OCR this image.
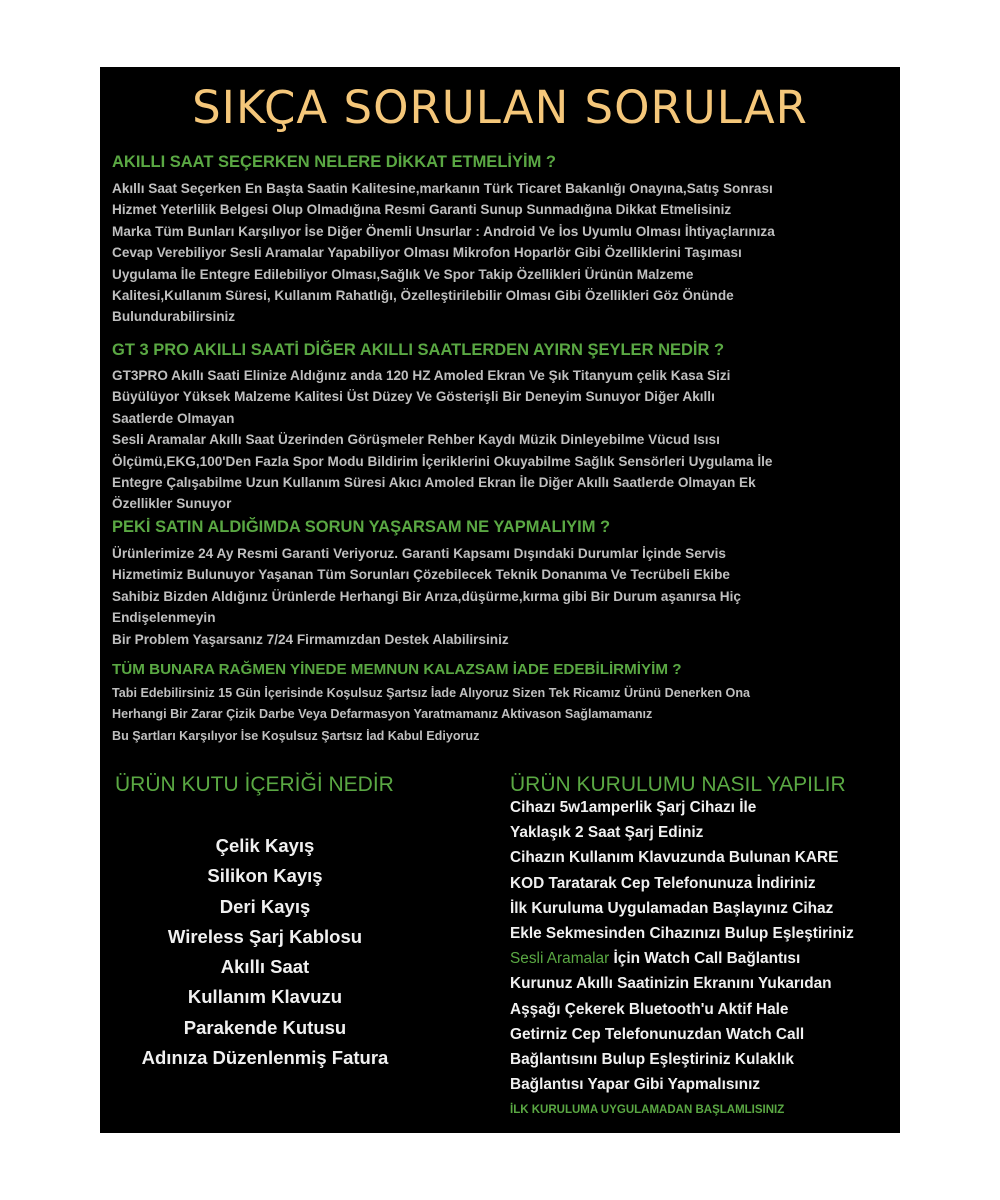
SIKÇA SORULAN SORULAR
AKILLI SAAT SEÇERKEN NELERE DİKKAT ETMELİYİM ?

Akıllı Saat Seçerken En Başta Saatin Kalitesine,markanın Türk Ticaret Bakanlığı Onayına,Satış Sonrası

Hizmet Yeterlilik Belgesi Olup Olmadığına Resmi Garanti Sunup Sunmadığına Dikkat Etmelisiniz

Marka Tüm Bunları Karşılıyor İse Diğer Önemli Unsurlar : Android Ve İos Uyumlu Olması İhtiyaçlarınıza

Cevap Verebiliyor Sesli Aramalar Yapabiliyor Olması Mikrofon Hoparlör Gibi Özelliklerini Taşıması

Uygulama İle Entegre Edilebiliyor Olması,Sağlık Ve Spor Takip Özellikleri Ürünün Malzeme

Kalitesi,Kullanım Süresi, Kullanım Rahatlığı, Özelleştirilebilir Olması Gibi Özellikleri Göz Önünde

Bulundurabilirsiniz

GT 3 PRO AKILLI SAATİ DİĞER AKILLI SAATLERDEN AYIRN ŞEYLER NEDİR ?

GT3PRO Akıllı Saati Elinize Aldığınız anda 120 HZ Amoled Ekran Ve Şık Titanyum çelik Kasa Sizi

Büyülüyor Yüksek Malzeme Kalitesi Üst Düzey Ve Gösterişli Bir Deneyim Sunuyor Diğer Akıllı

Saatlerde Olmayan

Sesli Aramalar Akıllı Saat Üzerinden Görüşmeler Rehber Kaydı Müzik Dinleyebilme Vücud Isısı

Ölçümü,EKG,100'Den Fazla Spor Modu Bildirim İçeriklerini Okuyabilme Sağlık Sensörleri Uygulama İle

Entegre Çalışabilme Uzun Kullanım Süresi Akıcı Amoled Ekran İle Diğer Akıllı Saatlerde Olmayan Ek

Özellikler Sunuyor

PEKİ SATIN ALDIĞIMDA SORUN YAŞARSAM NE YAPMALIYIM ?

Ürünlerimize 24 Ay Resmi Garanti Veriyoruz. Garanti Kapsamı Dışındaki Durumlar İçinde Servis

Hizmetimiz Bulunuyor Yaşanan Tüm Sorunları Çözebilecek Teknik Donanıma Ve Tecrübeli Ekibe

Sahibiz Bizden Aldığınız Ürünlerde Herhangi Bir Arıza,düşürme,kırma gibi Bir Durum aşanırsa Hiç

Endişelenmeyin

Bir Problem Yaşarsanız 7/24 Firmamızdan Destek Alabilirsiniz

TÜM BUNARA RAĞMEN YİNEDE MEMNUN KALAZSAM İADE EDEBİLİRMİYİM ?

Tabi Edebilirsiniz 15 Gün İçerisinde Koşulsuz Şartsız İade Alıyoruz Sizen Tek Ricamız Ürünü Denerken Ona

Herhangi Bir Zarar Çizik Darbe Veya Defarmasyon Yaratmamanız Aktivason Sağlamamanız

Bu Şartları Karşılıyor İse Koşulsuz Şartsız İad Kabul Ediyoruz

ÜRÜN KUTU İÇERİĞİ NEDİR
Çelik Kayış
Silikon Kayış
Deri Kayış
Wireless Şarj Kablosu
Akıllı Saat
Kullanım Klavuzu
Parakende Kutusu
Adınıza Düzenlenmiş Fatura
ÜRÜN KURULUMU NASIL YAPILIR

Cihazı 5w1amperlik Şarj Cihazı İle

Yaklaşık 2 Saat Şarj Ediniz

Cihazın Kullanım Klavuzunda Bulunan KARE

KOD Taratarak Cep Telefonunuza İndiriniz

İlk Kuruluma Uygulamadan Başlayınız Cihaz

Ekle Sekmesinden Cihazınızı Bulup Eşleştiriniz

Sesli Aramalar İçin Watch Call Bağlantısı

Kurunuz Akıllı Saatinizin Ekranını Yukarıdan

Aşşağı Çekerek Bluetooth'u Aktif Hale

Getirniz Cep Telefonunuzdan Watch Call

Bağlantısını Bulup Eşleştiriniz Kulaklık

Bağlantısı Yapar Gibi Yapmalısınız

İLK KURULUMA UYGULAMADAN BAŞLAMLISINIZ
